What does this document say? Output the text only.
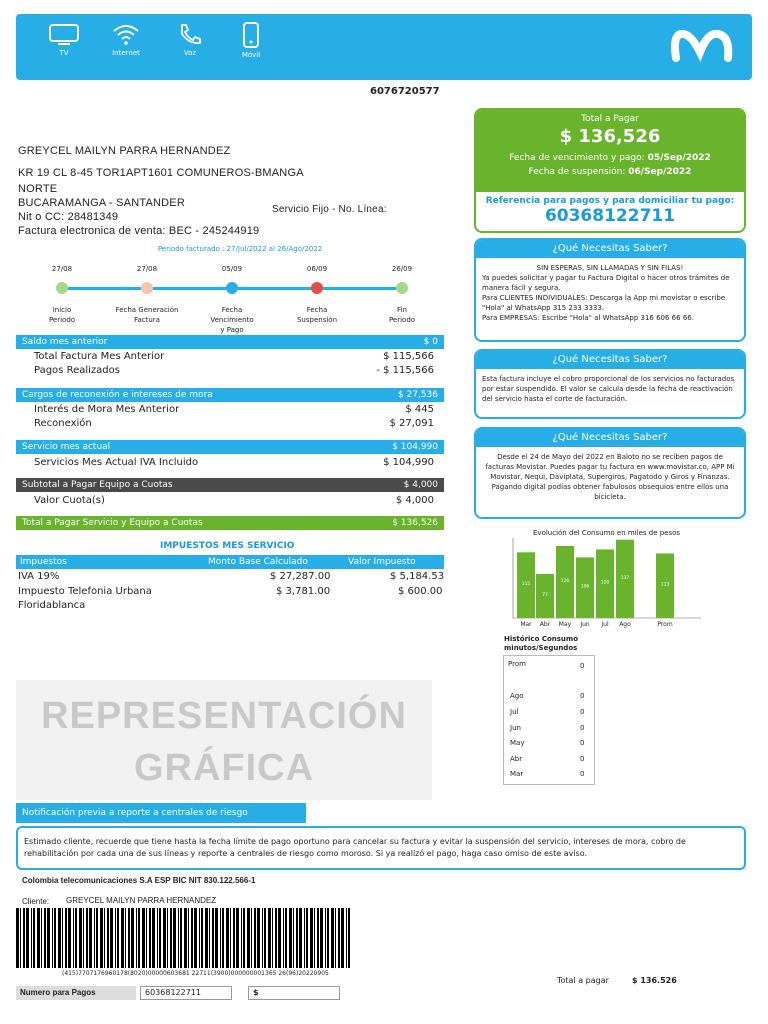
TV	Internet	Voz	Móvil
6076720577
GREYCEL MAILYN PARRA HERNANDEZ
KR 19 CL 8-45 TOR1APT1601 COMUNEROS-BMANGA
NORTE
BUCARAMANGA - SANTANDER
Nit o CC: 28481349
Factura electronica de venta: BEC - 245244919
Servicio Fijo - No. Línea:
Total a Pagar
$ 136,526
Fecha de vencimiento y pago: 05/Sep/2022
Fecha de suspensión: 06/Sep/2022
Referencia para pagos y para domiciliar tu pago:
60368122711
¿Qué Necesitas Saber?
SIN ESPERAS, SIN LLAMADAS Y SIN FILAS!
Ya puedes solicitar y pagar tu Factura Digital o hacer otros trámites de manera fácil y segura.
Para CLIENTES INDIVIDUALES: Descarga la App mi movistar o escribe "Hola" al WhatsApp 315 233 3333.
Para EMPRESAS: Escribe "Hola" al WhatsApp 316 606 66 66.
¿Qué Necesitas Saber?
Esta factura incluye el cobro proporcional de los servicios no facturados por estar suspendido. El valor se calcula desde la fecha de reactivación del servicio hasta el corte de facturación.
¿Qué Necesitas Saber?
Desde el 24 de Mayo del 2022 en Baloto no se reciben pagos de facturas Movistar. Puedes pagar tu factura en www.movistar.co, APP Mi Movistar, Nequi, Daviplata, Supergiros, Pagatodo y Giros y Finanzas. Pagando digital podías obtener fabulosos obsequios entre ellos una bicicleta.
Periodo facturado : 27/Jul/2022 al 26/Ago/2022
27/08	27/08	05/09	06/09	26/09
Inicio
Periodo
Fecha Generación
Factura
Fecha Vencimiento
y Pago
Fecha
Suspensión
Fin
Periodo
Saldo mes anterior	$ 0
Total Factura Mes Anterior	$ 115,566
Pagos Realizados	- $ 115,566
Cargos de reconexión e intereses de mora	$ 27,536
Interés de Mora Mes Anterior	$ 445
Reconexión	$ 27,091
Servicio mes actual	$ 104,990
Servicios Mes Actual IVA Incluido	$ 104,990
Subtotal a Pagar Equipo a Cuotas	$ 4,000
Valor Cuota(s)	$ 4,000
Total a Pagar Servicio y Equipo a Cuotas	$ 136,526
IMPUESTOS MES SERVICIO
Impuestos	Monto Base Calculado	Valor Impuesto
IVA 19%	$ 27,287.00	$ 5,184.53
Impuesto Telefonia Urbana
Floridablanca
$ 3,781.00	$ 600.00
REPRESENTACIÓN
GRÁFICA
Evolución del Consumo en miles de pesos
115
Mar
77
Abr
126
May
106
Jun
120
Jul
137
Ago
113
Prom
Histórico Consumo
minutos/Segundos
Prom	0
Ago	0
Jul	0
Jun	0
May	0
Abr	0
Mar	0
Notificación previa a reporte a centrales de riesgo
Estimado cliente, recuerde que tiene hasta la fecha límite de pago oportuno para cancelar su factura y evitar la suspensión del servicio, intereses de mora, cobro de rehabilitación por cada una de sus líneas y reporte a centrales de riesgo como moroso. Si ya realizó el pago, haga caso omiso de este aviso.
Colombia telecomunicaciones S.A ESP BIC NIT 830.122.566-1
Cliente: GREYCEL MAILYN PARRA HERNANDEZ
(415)7707176960178(8020)00000603681 22711(3900)000000001365 26(96)20220905
Numero para Pagos	60368122711	$
Total a pagar	$ 136.526
